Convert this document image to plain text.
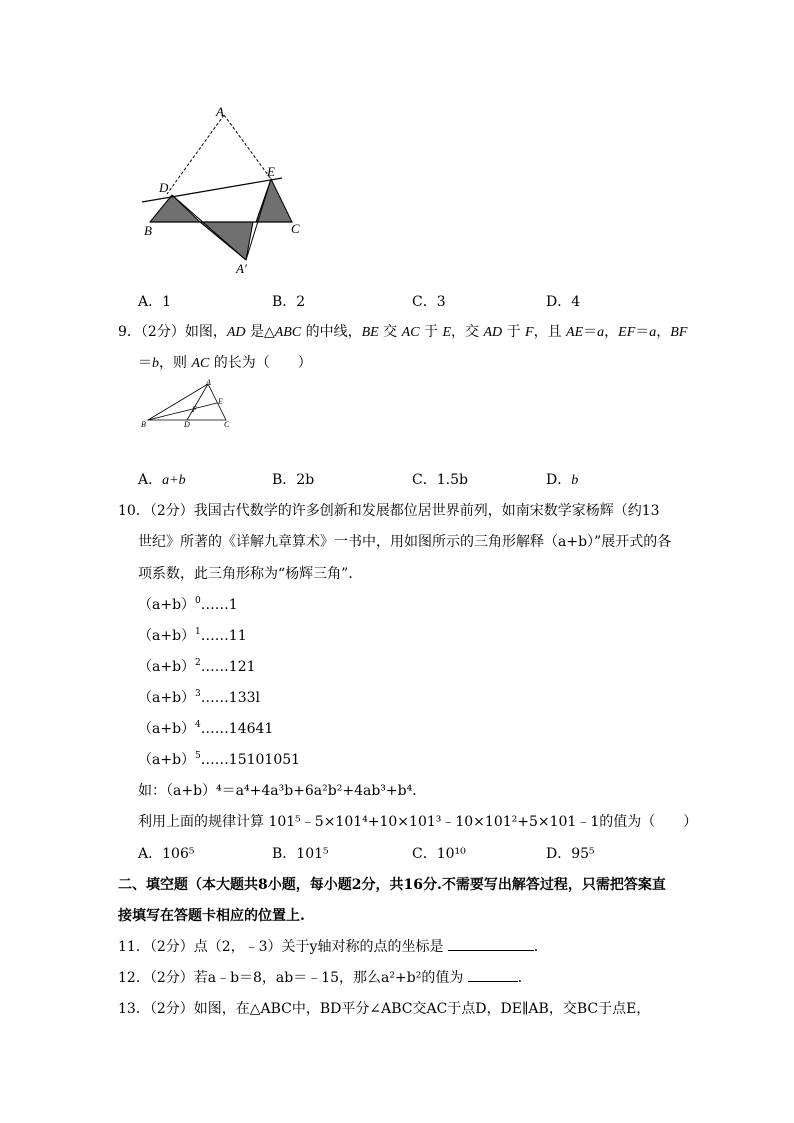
A
D
E
B	C
A′
A．1	B．2	C．3	D．4
9．（2分）如图，AD 是△ABC 的中线，BE 交 AC 于 E，交 AD 于 F，且 AE＝a，EF＝a，BF
＝b，则 AC 的长为（　　）
A
B	C
D
E
F
A．a+b	B．2b	C．1.5b	D．b
10．（2分）我国古代数学的许多创新和发展都位居世界前列，如南宋数学家杨辉（约13
世纪》所著的《详解九章算术》一书中，用如图所示的三角形解释（a+b）”展开式的各
项系数，此三角形称为“杨辉三角”．
$(a+b)^0\dots\dots 1$
$(a+b)^1\dots\dots 11$
$(a+b)^2\dots\dots 121$
$(a+b)^3\dots\dots 133l$
$(a+b)^4\dots\dots 14641$
$(a+b)^5\dots\dots 15101051$
如：（a+b）⁴＝a⁴+4a³b+6a²b²+4ab³+b⁴．
利用上面的规律计算 101⁵﹣5×101⁴+10×101³﹣10×101²+5×101﹣1的值为（　　）
A．106⁵	B．101⁵	C．10¹⁰	D．95⁵
二、填空题（本大题共8小题，每小题2分，共16分.不需要写出解答过程，只需把答案直
接填写在答题卡相应的位置上.
11．（2分）点（2，﹣3）关于y轴对称的点的坐标是	．
12．（2分）若a﹣b＝8，ab＝﹣15，那么a²+b²的值为	．
13．（2分）如图，在△ABC中，BD平分∠ABC交AC于点D，DE∥AB，交BC于点E，
